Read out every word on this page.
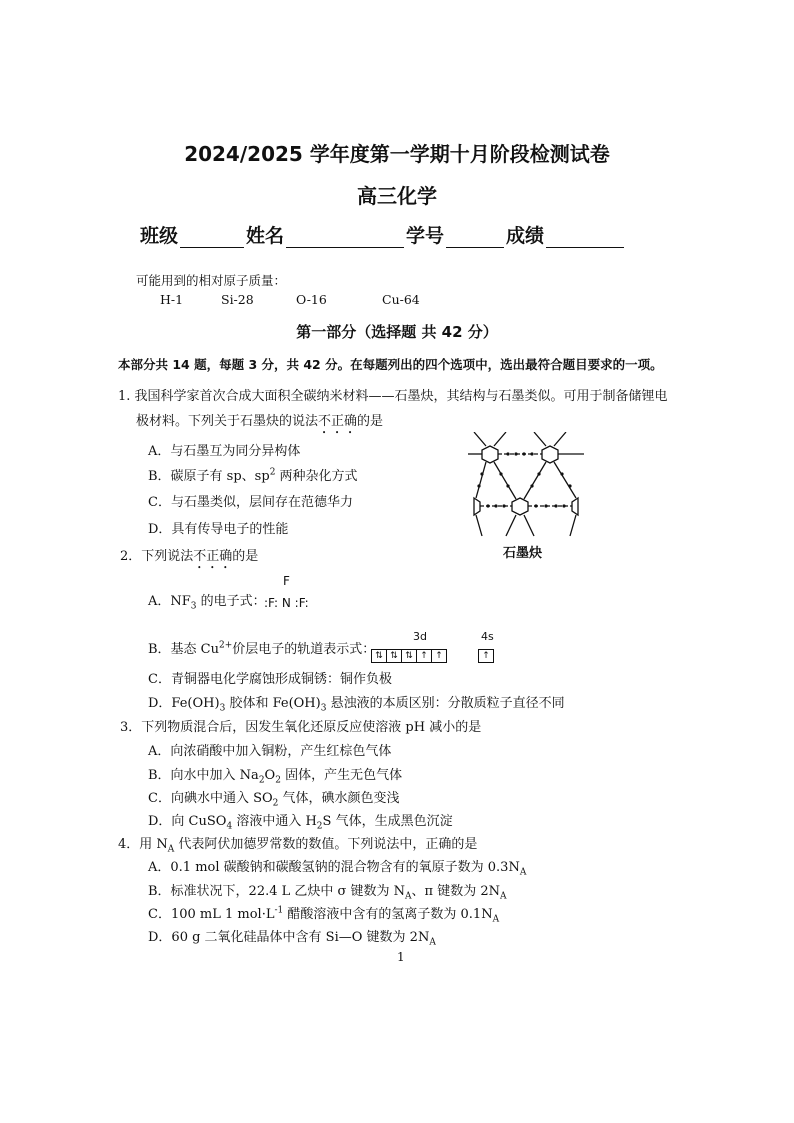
2024/2025 学年度第一学期十月阶段检测试卷
高三化学
班级	姓名	学号	成绩
可能用到的相对原子质量：
H-1	Si-28	O-16	Cu-64
第一部分（选择题 共 42 分）
本部分共 14 题，每题 3 分，共 42 分。在每题列出的四个选项中，选出最符合题目要求的一项。
1. 我国科学家首次合成大面积全碳纳米材料——石墨炔，其结构与石墨类似。可用于制备储锂电
极材料。下列关于石墨炔的说法不正确的是
A．与石墨互为同分异构体
B．碳原子有 sp、$sp^2$ 两种杂化方式
C．与石墨类似，层间存在范德华力
D．具有传导电子的性能
石墨炔
2．下列说法不正确的是
A．$NF_3$ 的电子式：
F
:F: N :F:
B．基态 $Cu^{2+}$价层电子的轨道表示式：
3d	4s
⇅ ⇅ ⇅ ↑ ↑	↑
C．青铜器电化学腐蚀形成铜锈：铜作负极
D．$Fe(OH)_3$ 胶体和 $Fe(OH)_3$ 悬浊液的本质区别：分散质粒子直径不同
3．下列物质混合后，因发生氧化还原反应使溶液 pH 减小的是
A．向浓硝酸中加入铜粉，产生红棕色气体
B．向水中加入 $Na_2O_2$ 固体，产生无色气体
C．向碘水中通入 $SO_2$ 气体，碘水颜色变浅
D．向 CuSO$_4$ 溶液中通入 $H_2S$ 气体，生成黑色沉淀
4．用 $N_A$ 代表阿伏加德罗常数的数值。下列说法中，正确的是
A．0.1 mol 碳酸钠和碳酸氢钠的混合物含有的氧原子数为 $0.3N_A$
B．标准状况下，22.4 L 乙炔中 σ 键数为 $N_A$、π 键数为 $2N_A$
C．100 mL 1 $mol\cdot L^{-1}$ 醋酸溶液中含有的氢离子数为 $0.1N_A$
D．60 g 二氧化硅晶体中含有 Si—O 键数为 $2N_A$
1
